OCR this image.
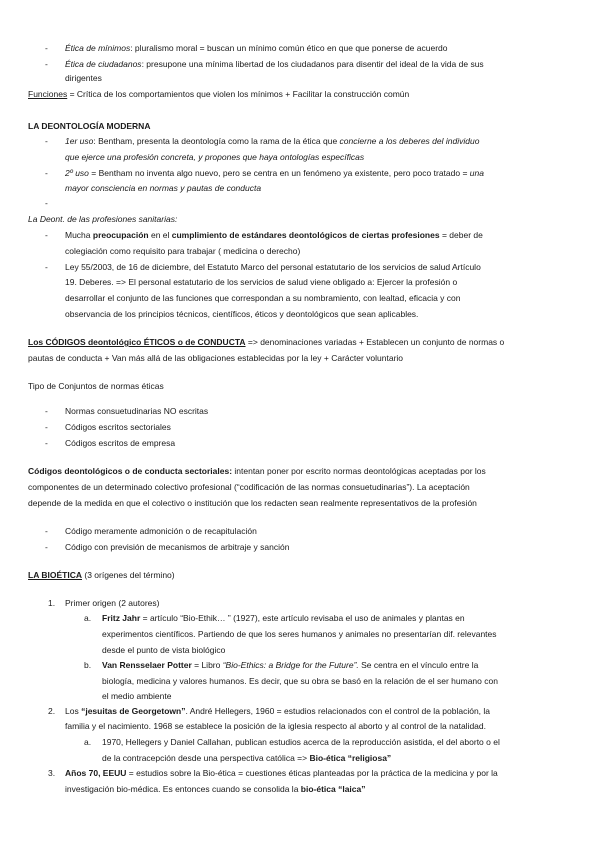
- Ética de mínimos: pluralismo moral = buscan un mínimo común ético en que que ponerse de acuerdo
- Ética de ciudadanos: presupone una mínima libertad de los ciudadanos para disentir del ideal de la vida de sus
dirigentes
Funciones = Crítica de los comportamientos que violen los mínimos + Facilitar la construcción común
LA DEONTOLOGÍA MODERNA
- 1er uso: Bentham, presenta la deontología como la rama de la ética que concierne a los deberes del individuo
que ejerce una profesión concreta, y propones que haya ontologías específicas
- 2º uso = Bentham no inventa algo nuevo, pero se centra en un fenómeno ya existente, pero poco tratado = una
mayor consciencia en normas y pautas de conducta
-
La Deont. de las profesiones sanitarias:
- Mucha preocupación en el cumplimiento de estándares deontológicos de ciertas profesiones = deber de
colegiación como requisito para trabajar ( medicina o derecho)
- Ley 55/2003, de 16 de diciembre, del Estatuto Marco del personal estatutario de los servicios de salud Artículo
19. Deberes. => El personal estatutario de los servicios de salud viene obligado a: Ejercer la profesión o
desarrollar el conjunto de las funciones que correspondan a su nombramiento, con lealtad, eficacia y con
observancia de los principios técnicos, científicos, éticos y deontológicos que sean aplicables.
Los CÓDIGOS deontológico ÉTICOS o de CONDUCTA => denominaciones variadas + Establecen un conjunto de normas o
pautas de conducta + Van más allá de las obligaciones establecidas por la ley + Carácter voluntario
Tipo de Conjuntos de normas éticas
- Normas consuetudinarias NO escritas
- Códigos escritos sectoriales
- Códigos escritos de empresa
Códigos deontológicos o de conducta sectoriales: intentan poner por escrito normas deontológicas aceptadas por los
componentes de un determinado colectivo profesional (“codificación de las normas consuetudinarias”). La aceptación
depende de la medida en que el colectivo o institución que los redacten sean realmente representativos de la profesión
- Código meramente admonición o de recapitulación
- Código con previsión de mecanismos de arbitraje y sanción
LA BIOÉTICA (3 orígenes del término)
1. Primer origen (2 autores)
a. Fritz Jahr = artículo “Bio-Ethik… ” (1927), este artículo revisaba el uso de animales y plantas en
experimentos científicos. Partiendo de que los seres humanos y animales no presentarían dif. relevantes
desde el punto de vista biológico
b. Van Rensselaer Potter = Libro “Bio-Ethics: a Bridge for the Future”. Se centra en el vínculo entre la
biología, medicina y valores humanos. Es decir, que su obra se basó en la relación de el ser humano con
el medio ambiente
2. Los “jesuitas de Georgetown”. André Hellegers, 1960 = estudios relacionados con el control de la población, la
familia y el nacimiento. 1968 se establece la posición de la iglesia respecto al aborto y al control de la natalidad.
a. 1970, Hellegers y Daniel Callahan, publican estudios acerca de la reproducción asistida, el del aborto o el
de la contracepción desde una perspectiva católica => Bio-ética “religiosa”
3. Años 70, EEUU = estudios sobre la Bio-ética = cuestiones éticas planteadas por la práctica de la medicina y por la
investigación bio-médica. Es entonces cuando se consolida la bio-ética “laica”
